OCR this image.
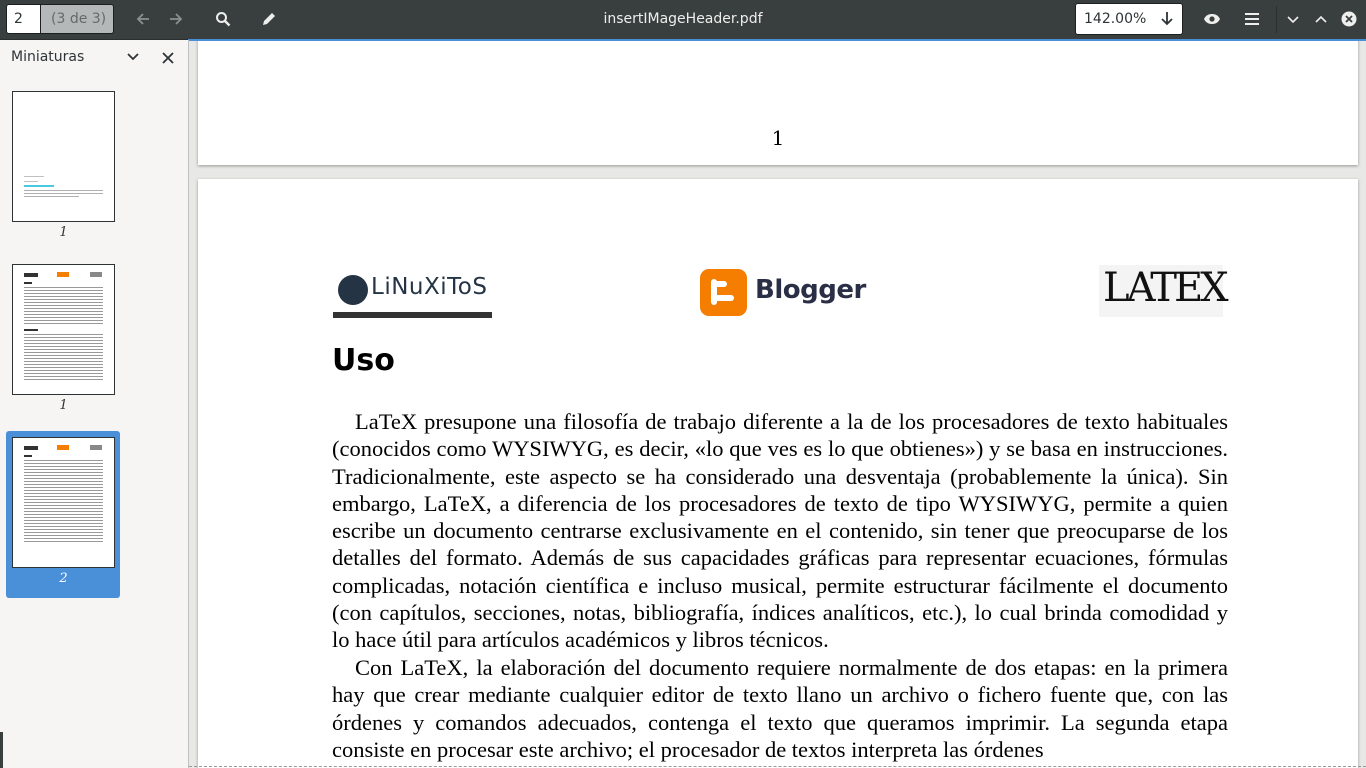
2	(3 de 3)	insertIMageHeader.pdf	142.00%
Miniaturas
1
1
2
1
LiNuXiToS	Blogger	LATEX
Uso

LaTeX presupone una filosofía de trabajo diferente a la de los procesadores de texto habituales (conocidos como WYSIWYG, es decir, «lo que ves es lo que obtienes») y se basa en instrucciones. Tradicionalmente, este aspecto se ha considerado una desventaja (probablemente la única). Sin embargo, LaTeX, a diferencia de los procesadores de texto de tipo WYSIWYG, permite a quien escribe un documento centrarse exclusivamente en el contenido, sin tener que preocuparse de los detalles del formato. Además de sus capacidades gráficas para representar ecuaciones, fórmulas complicadas, notación científica e incluso musical, permite estructurar fácilmente el documento (con capítulos, secciones, notas, bibliografía, índices analíticos, etc.), lo cual brinda comodidad y lo hace útil para artículos académicos y libros técnicos.

Con LaTeX, la elaboración del documento requiere normalmente de dos etapas: en la primera hay que crear mediante cualquier editor de texto llano un archivo o fichero fuente que, con las órdenes y comandos adecuados, contenga el texto que queramos imprimir. La segunda etapa consiste en procesar este archivo; el procesador de textos interpreta las órdenes
